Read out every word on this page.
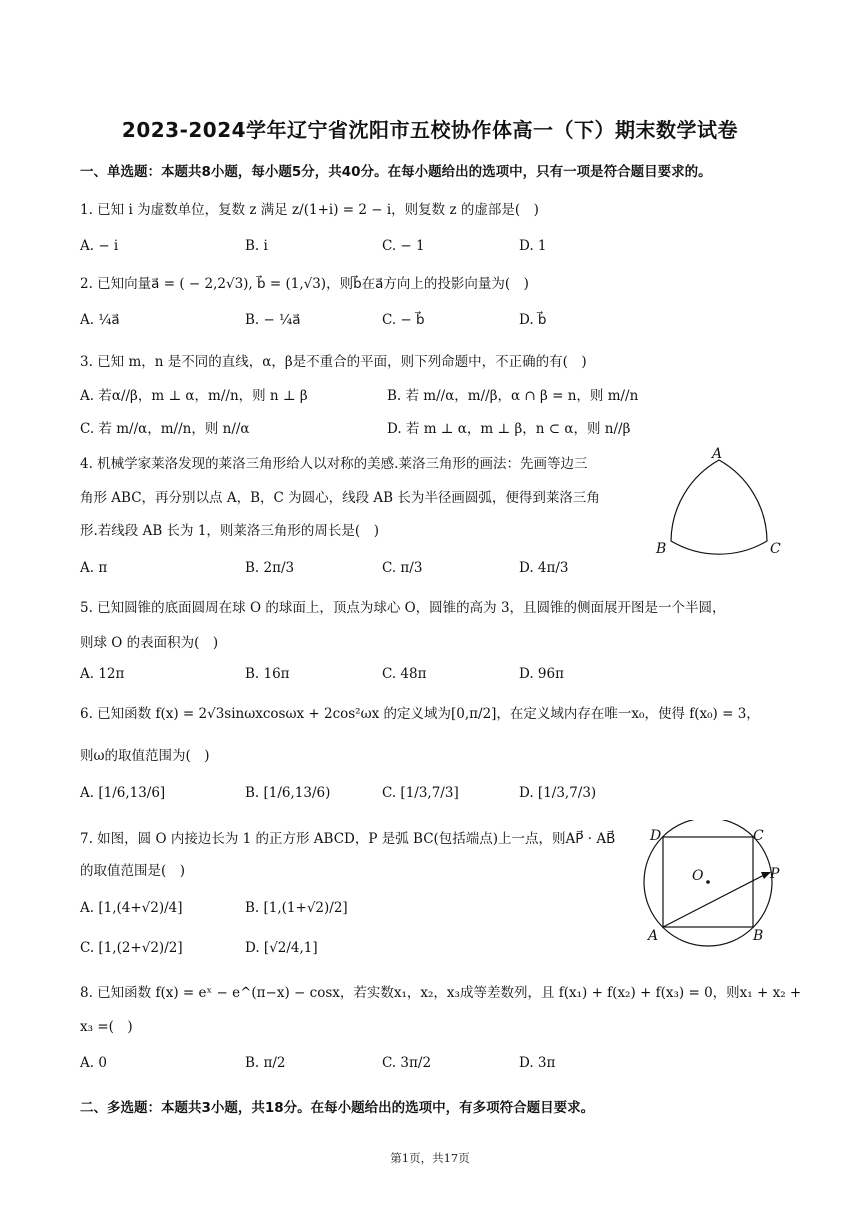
2023-2024学年辽宁省沈阳市五校协作体高一（下）期末数学试卷
一、单选题：本题共8小题，每小题5分，共40分。在每小题给出的选项中，只有一项是符合题目要求的。
1. 已知 i 为虚数单位，复数 z 满足 z/(1+i) = 2 − i，则复数 z 的虚部是(　)
A. − i	B. i	C. − 1	D. 1
2. 已知向量a⃗ = ( − 2,2√3), b⃗ = (1,√3)，则b⃗在a⃗方向上的投影向量为(　)
A. ¼a⃗	B. − ¼a⃗	C. − b⃗	D. b⃗
3. 已知 m，n 是不同的直线，α，β是不重合的平面，则下列命题中，不正确的有(　)
A. 若α//β，m ⊥ α，m//n，则 n ⊥ β	B. 若 m//α，m//β，α ∩ β = n，则 m//n
C. 若 m//α，m//n，则 n//α	D. 若 m ⊥ α，m ⊥ β，n ⊂ α，则 n//β
4. 机械学家莱洛发现的莱洛三角形给人以对称的美感.莱洛三角形的画法：先画等边三
角形 ABC，再分别以点 A，B，C 为圆心，线段 AB 长为半径画圆弧，便得到莱洛三角
形.若线段 AB 长为 1，则莱洛三角形的周长是(　)
A. π	B. 2π/3	C. π/3	D. 4π/3
A
B	C
5. 已知圆锥的底面圆周在球 O 的球面上，顶点为球心 O，圆锥的高为 3，且圆锥的侧面展开图是一个半圆，
则球 O 的表面积为(　)
A. 12π	B. 16π	C. 48π	D. 96π
6. 已知函数 f(x) = 2√3sinωxcosωx + 2cos²ωx 的定义域为[0,π/2]，在定义域内存在唯一x₀，使得 f(x₀) = 3，
则ω的取值范围为(　)
A. [1/6,13/6]	B. [1/6,13/6)	C. [1/3,7/3]	D. [1/3,7/3)
7. 如图，圆 O 内接边长为 1 的正方形 ABCD，P 是弧 BC(包括端点)上一点，则AP⃗ · AB⃗
的取值范围是(　)
A. [1,(4+√2)/4]	B. [1,(1+√2)/2]
C. [1,(2+√2)/2]	D. [√2/4,1]
D	C
O	P
A	B
8. 已知函数 f(x) = eˣ − e^(π−x) − cosx，若实数x₁，x₂，x₃成等差数列，且 f(x₁) + f(x₂) + f(x₃) = 0，则x₁ + x₂ +
x₃ =(　)
A. 0	B. π/2	C. 3π/2	D. 3π
二、多选题：本题共3小题，共18分。在每小题给出的选项中，有多项符合题目要求。
第1页，共17页
